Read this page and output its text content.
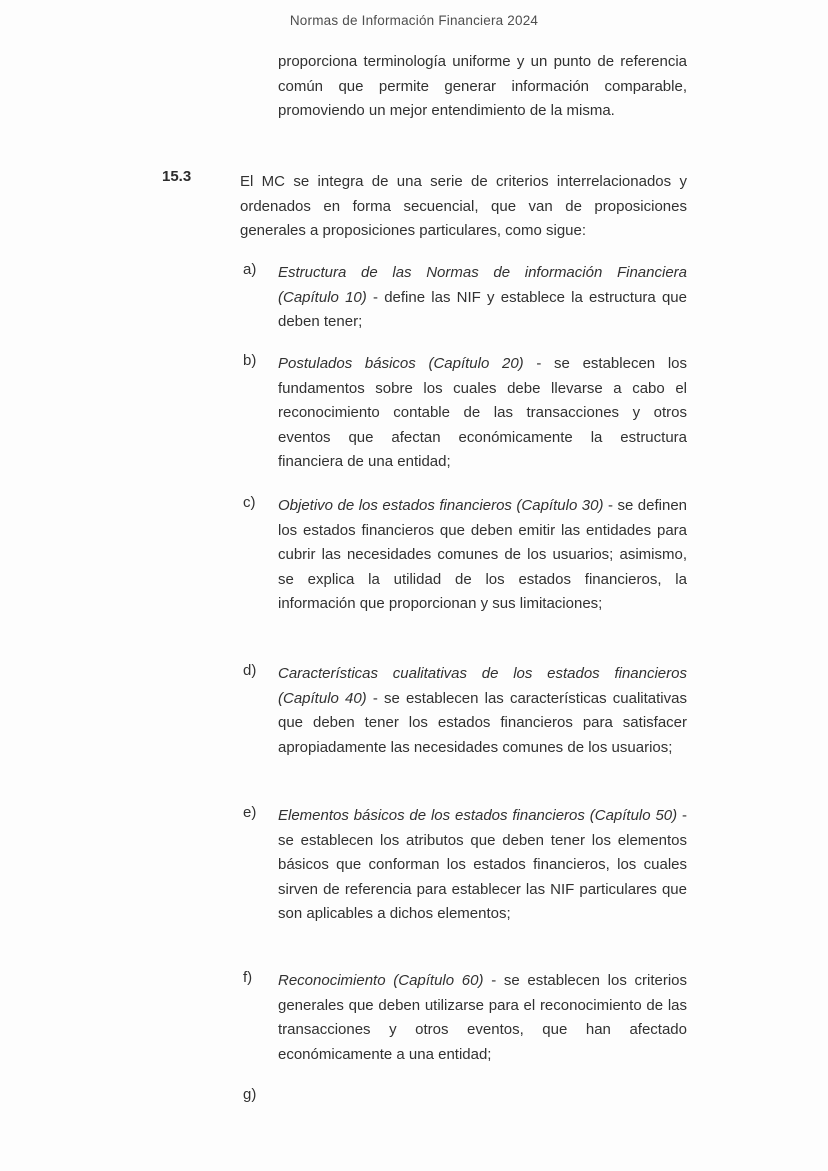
Normas de Información Financiera 2024
proporciona terminología uniforme y un punto de referencia común que permite generar información comparable, promoviendo un mejor entendimiento de la misma.
15.3	El MC se integra de una serie de criterios interrelacionados y ordenados en forma secuencial, que van de proposiciones generales a proposiciones particulares, como sigue:
a) Estructura de las Normas de información Financiera (Capítulo 10) - define las NIF y establece la estructura que deben tener;
b) Postulados básicos (Capítulo 20) - se establecen los fundamentos sobre los cuales debe llevarse a cabo el reconocimiento contable de las transacciones y otros eventos que afectan económicamente la estructura financiera de una entidad;
c) Objetivo de los estados financieros (Capítulo 30) - se definen los estados financieros que deben emitir las entidades para cubrir las necesidades comunes de los usuarios; asimismo, se explica la utilidad de los estados financieros, la información que proporcionan y sus limitaciones;
d) Características cualitativas de los estados financieros (Capítulo 40) - se establecen las características cualitativas que deben tener los estados financieros para satisfacer apropiadamente las necesidades comunes de los usuarios;
e) Elementos básicos de los estados financieros (Capítulo 50) - se establecen los atributos que deben tener los elementos básicos que conforman los estados financieros, los cuales sirven de referencia para establecer las NIF particulares que son aplicables a dichos elementos;
f) Reconocimiento (Capítulo 60) - se establecen los criterios generales que deben utilizarse para el reconocimiento de las transacciones y otros eventos, que han afectado económicamente a una entidad;
g)
